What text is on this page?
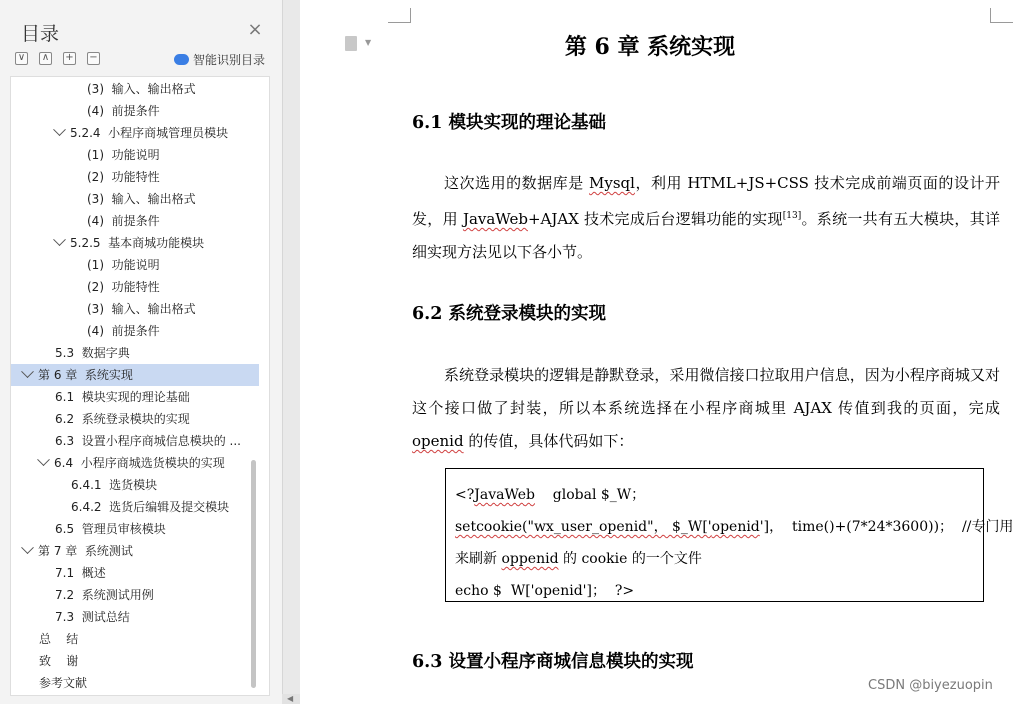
目录	×
∨ ∧ + −	智能识别目录
(3)  输入、输出格式
(4)  前提条件
5.2.4  小程序商城管理员模块
(1)  功能说明
(2)  功能特性
(3)  输入、输出格式
(4)  前提条件
5.2.5  基本商城功能模块
(1)  功能说明
(2)  功能特性
(3)  输入、输出格式
(4)  前提条件
5.3  数据字典
第 6 章  系统实现
6.1  模块实现的理论基础
6.2  系统登录模块的实现
6.3  设置小程序商城信息模块的 ...
6.4  小程序商城选货模块的实现
6.4.1  选货模块
6.4.2  选货后编辑及提交模块
6.5  管理员审核模块
第 7 章  系统测试
7.1  概述
7.2  系统测试用例
7.3  测试总结
总    结
致    谢
参考文献
▼	第 6 章 系统实现
6.1 模块实现的理论基础
这次选用的数据库是 Mysql，利用 HTML+JS+CSS 技术完成前端页面的设计开发，用 JavaWeb+AJAX 技术完成后台逻辑功能的实现[13]。系统一共有五大模块，其详细实现方法见以下各小节。
6.2 系统登录模块的实现
系统登录模块的逻辑是静默登录，采用微信接口拉取用户信息，因为小程序商城又对这个接口做了封装，所以本系统选择在小程序商城里 AJAX 传值到我的页面，完成 openid 的传值，具体代码如下：
<?JavaWeb    global $_W；
setcookie("wx_user_openid"， $_W['openid']，  time()+(7*24*3600))；  //专门用
来刷新 oppenid 的 cookie 的一个文件
echo $  W['openid']；  ?>
6.3 设置小程序商城信息模块的实现
CSDN @biyezuopin
◀
